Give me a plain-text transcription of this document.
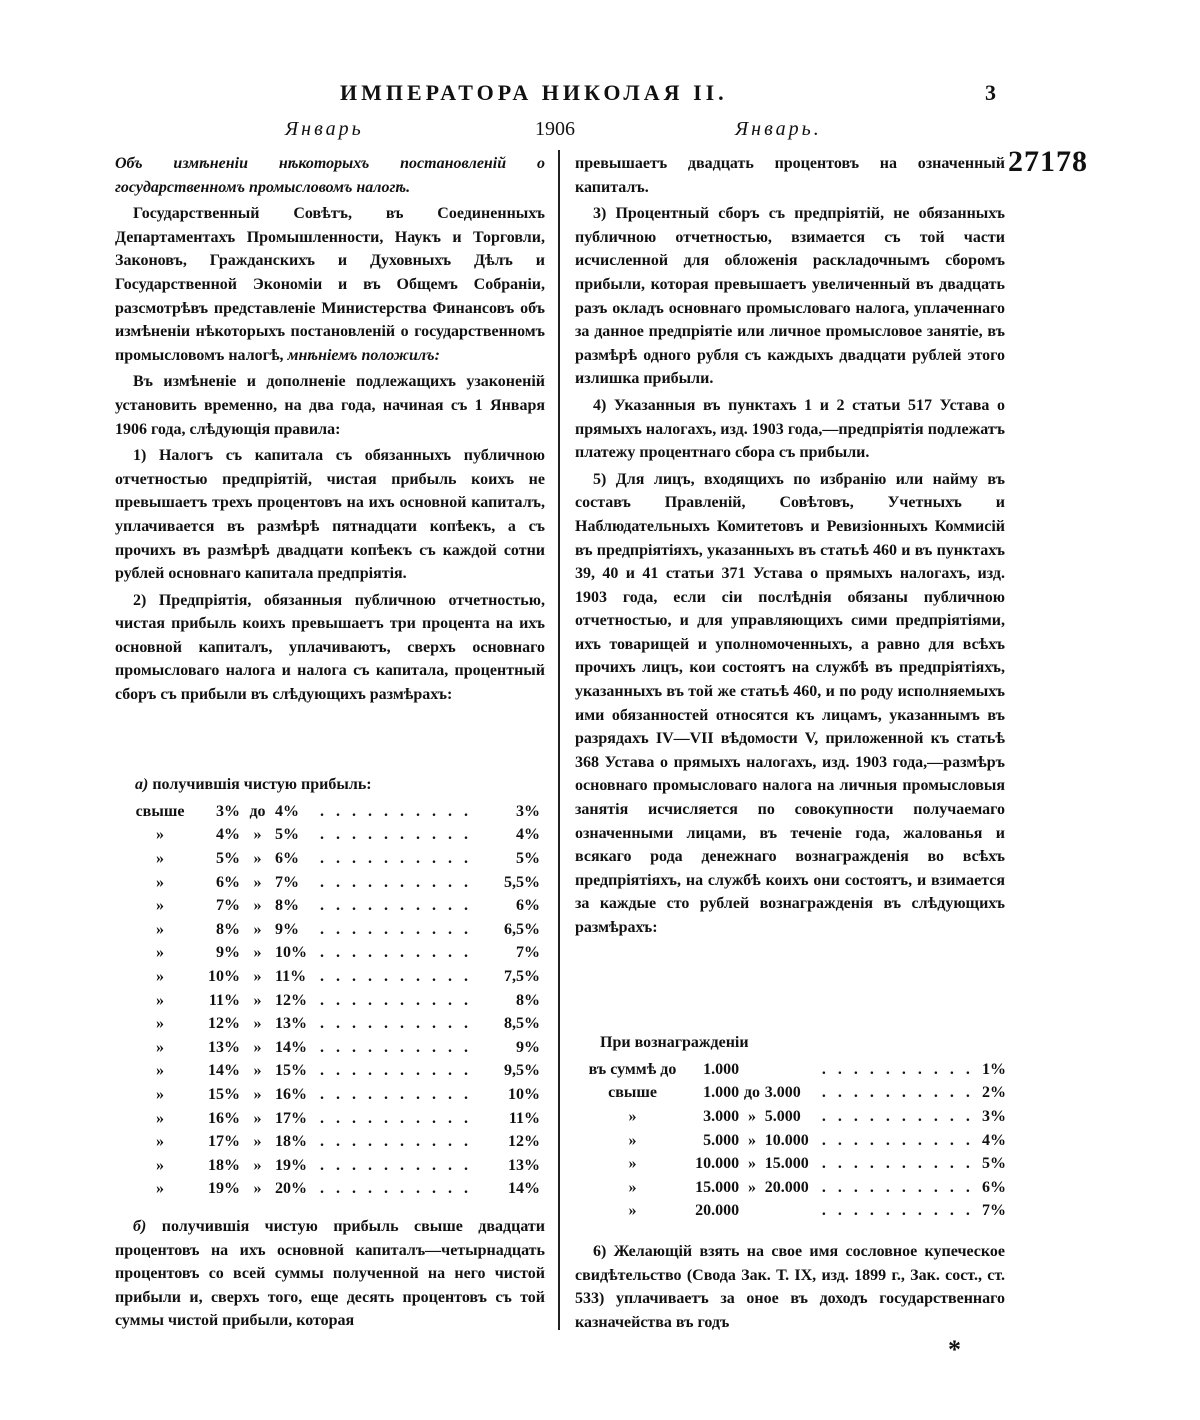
ИМПЕРАТОРА НИКОЛАЯ II.	3
Январь	1906	Январь.
27178

Объ измѣненіи нѣкоторыхъ постановленій о государственномъ промысловомъ налогѣ.

Государственный Совѣтъ, въ Соединенныхъ Департаментахъ Промышленности, Наукъ и Торговли, Законовъ, Гражданскихъ и Духовныхъ Дѣлъ и Государственной Экономіи и въ Общемъ Собраніи, разсмотрѣвъ представленіе Министерства Финансовъ объ измѣненіи нѣкоторыхъ постановленій о государственномъ промысловомъ налогѣ, мнѣніемъ положилъ:

Въ измѣненіе и дополненіе подлежащихъ узаконеній установить временно, на два года, начиная съ 1 Января 1906 года, слѣдующія правила:

1) Налогъ съ капитала съ обязанныхъ публичною отчетностью предпріятій, чистая прибыль коихъ не превышаетъ трехъ процентовъ на ихъ основной капиталъ, уплачивается въ размѣрѣ пятнадцати копѣекъ, а съ прочихъ въ размѣрѣ двадцати копѣекъ съ каждой сотни рублей основнаго капитала предпріятія.

2) Предпріятія, обязанныя публичною отчетностью, чистая прибыль коихъ превышаетъ три процента на ихъ основной капиталъ, уплачиваютъ, сверхъ основнаго промысловаго налога и налога съ капитала, процентный сборъ съ прибыли въ слѣдующихъ размѣрахъ:

а) получившія чистую прибыль:
свыше	3%	до	4%	. . . . . . . . . .	3%
»	4%	»	5%	. . . . . . . . . .	4%
»	5%	»	6%	. . . . . . . . . .	5%
»	6%	»	7%	. . . . . . . . . .	5,5%
»	7%	»	8%	. . . . . . . . . .	6%
»	8%	»	9%	. . . . . . . . . .	6,5%
»	9%	»	10%	. . . . . . . . . .	7%
»	10%	»	11%	. . . . . . . . . .	7,5%
»	11%	»	12%	. . . . . . . . . .	8%
»	12%	»	13%	. . . . . . . . . .	8,5%
»	13%	»	14%	. . . . . . . . . .	9%
»	14%	»	15%	. . . . . . . . . .	9,5%
»	15%	»	16%	. . . . . . . . . .	10%
»	16%	»	17%	. . . . . . . . . .	11%
»	17%	»	18%	. . . . . . . . . .	12%
»	18%	»	19%	. . . . . . . . . .	13%
»	19%	»	20%	. . . . . . . . . .	14%

б) получившія чистую прибыль свыше двадцати процентовъ на ихъ основной капиталъ—четырнадцать процентовъ со всей суммы полученной на него чистой прибыли и, сверхъ того, еще десять процентовъ съ той суммы чистой прибыли, которая

превышаетъ двадцать процентовъ на означенный капиталъ.

3) Процентный сборъ съ предпріятій, не обязанныхъ публичною отчетностью, взимается съ той части исчисленной для обложенія раскладочнымъ сборомъ прибыли, которая превышаетъ увеличенный въ двадцать разъ окладъ основнаго промысловаго налога, уплаченнаго за данное предпріятіе или личное промысловое занятіе, въ размѣрѣ одного рубля съ каждыхъ двадцати рублей этого излишка прибыли.

4) Указанныя въ пунктахъ 1 и 2 статьи 517 Устава о прямыхъ налогахъ, изд. 1903 года,—предпріятія подлежатъ платежу процентнаго сбора съ прибыли.

5) Для лицъ, входящихъ по избранію или найму въ составъ Правленій, Совѣтовъ, Учетныхъ и Наблюдательныхъ Комитетовъ и Ревизіонныхъ Коммисій въ предпріятіяхъ, указанныхъ въ статьѣ 460 и въ пунктахъ 39, 40 и 41 статьи 371 Устава о прямыхъ налогахъ, изд. 1903 года, если сіи послѣднія обязаны публичною отчетностью, и для управляющихъ сими предпріятіями, ихъ товарищей и уполномоченныхъ, а равно для всѣхъ прочихъ лицъ, кои состоятъ на службѣ въ предпріятіяхъ, указанныхъ въ той же статьѣ 460, и по роду исполняемыхъ ими обязанностей относятся къ лицамъ, указаннымъ въ разрядахъ IV—VII вѣдомости V, приложенной къ статьѣ 368 Устава о прямыхъ налогахъ, изд. 1903 года,—размѣръ основнаго промысловаго налога на личныя промысловыя занятія исчисляется по совокупности получаемаго означенными лицами, въ теченіе года, жалованья и всякаго рода денежнаго вознагражденія во всѣхъ предпріятіяхъ, на службѣ коихъ они состоятъ, и взимается за каждые сто рублей вознагражденія въ слѣдующихъ размѣрахъ:

При вознагражденіи
въ суммѣ до	1.000			. . . . . . . . . .	1%
свыше	1.000	до	3.000	. . . . . . . . . .	2%
»	3.000	»	5.000	. . . . . . . . . .	3%
»	5.000	»	10.000	. . . . . . . . . .	4%
»	10.000	»	15.000	. . . . . . . . . .	5%
»	15.000	»	20.000	. . . . . . . . . .	6%
»	20.000			. . . . . . . . . .	7%

6) Желающій взять на свое имя сословное купеческое свидѣтельство (Свода Зак. Т. IX, изд. 1899 г., Зак. сост., ст. 533) уплачиваетъ за оное въ доходъ государственнаго казначейства въ годъ

*
